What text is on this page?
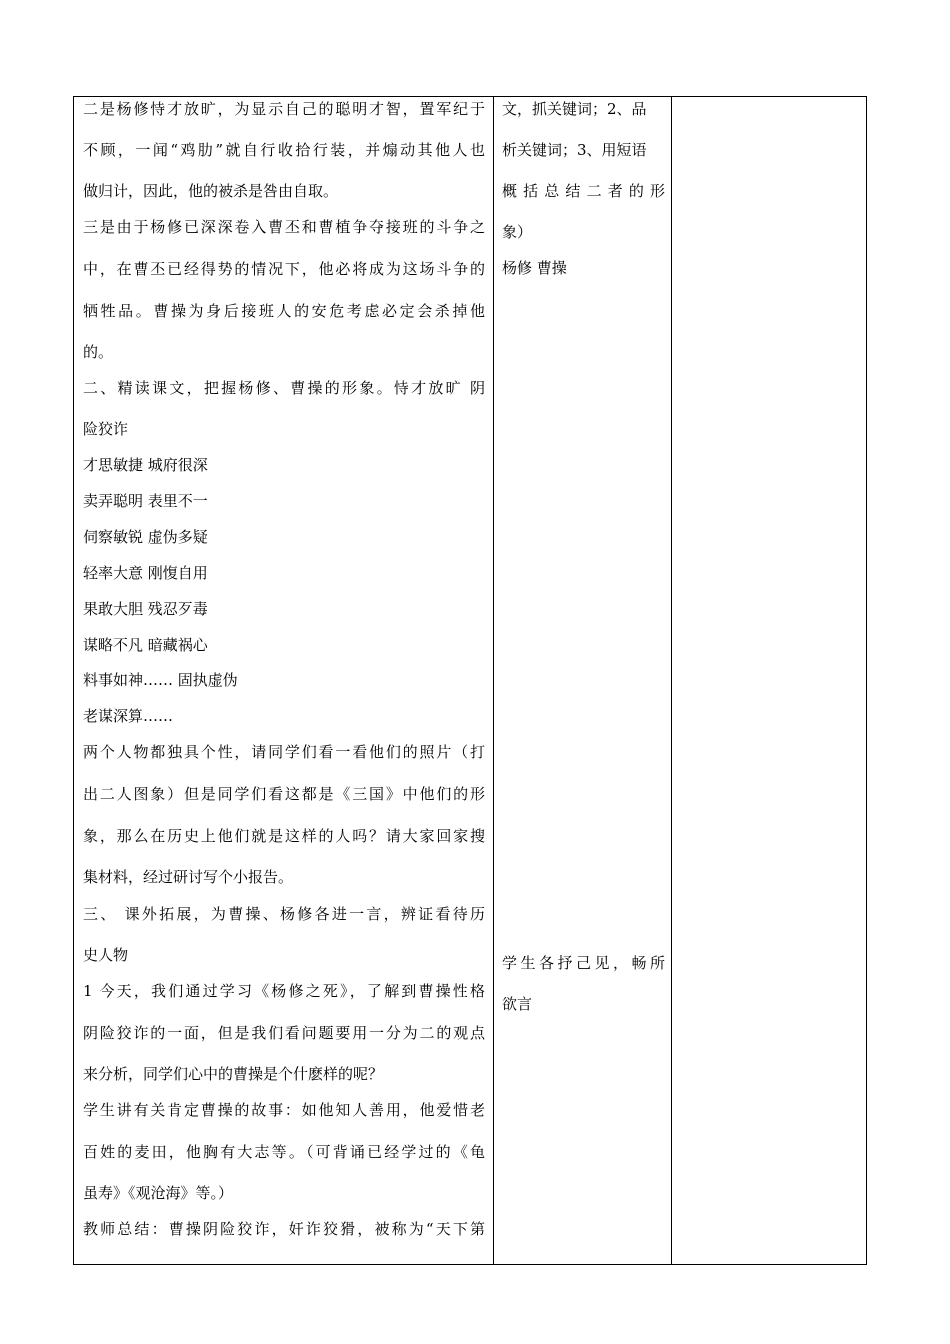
二是杨修恃才放旷，为显示自己的聪明才智，置军纪于
不顾，一闻“鸡肋”就自行收拾行装，并煽动其他人也
做归计，因此，他的被杀是咎由自取。
三是由于杨修已深深卷入曹丕和曹植争夺接班的斗争之
中，在曹丕已经得势的情况下，他必将成为这场斗争的
牺牲品。曹操为身后接班人的安危考虑必定会杀掉他
的。
二、精读课文，把握杨修、曹操的形象。恃才放旷 阴
险狡诈
才思敏捷 城府很深
卖弄聪明 表里不一
伺察敏锐 虚伪多疑
轻率大意 刚愎自用
果敢大胆 残忍歹毒
谋略不凡 暗藏祸心
料事如神…… 固执虚伪
老谋深算……
两个人物都独具个性，请同学们看一看他们的照片（打
出二人图象）但是同学们看这都是《三国》中他们的形
象，那么在历史上他们就是这样的人吗？请大家回家搜
集材料，经过研讨写个小报告。
三、 课外拓展，为曹操、杨修各进一言，辨证看待历
史人物
1 今天，我们通过学习《杨修之死》，了解到曹操性格
阴险狡诈的一面，但是我们看问题要用一分为二的观点
来分析，同学们心中的曹操是个什麽样的呢？
学生讲有关肯定曹操的故事：如他知人善用，他爱惜老
百姓的麦田，他胸有大志等。（可背诵已经学过的《龟
虽寿》《观沧海》等。）
教师总结：曹操阴险狡诈，奸诈狡猾，被称为“天下第
文，抓关键词；2、品
析关键词；3、用短语
概括总结二者的形
象）
杨修 曹操
学生各抒己见，畅所
欲言
